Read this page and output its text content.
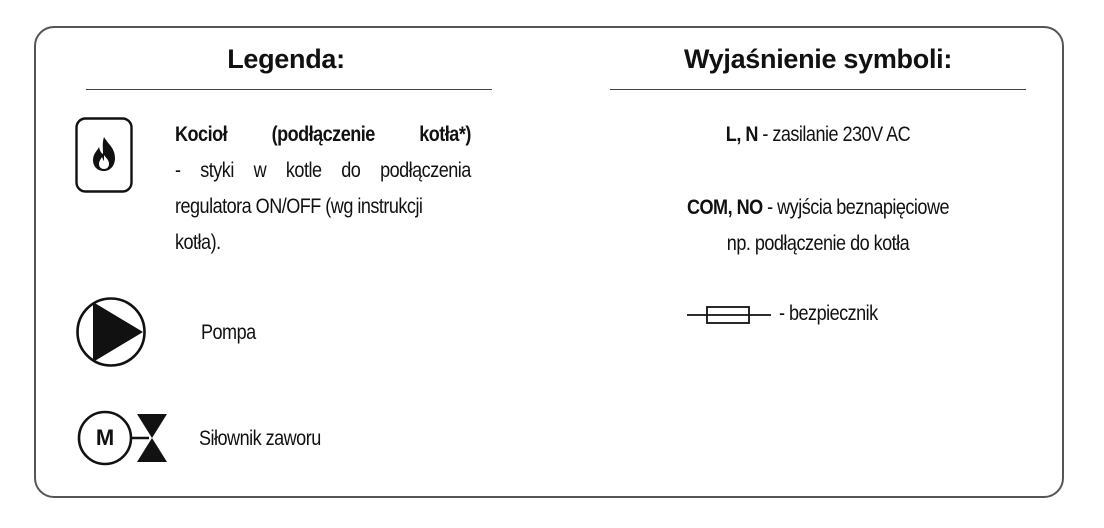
Legenda:
Kocioł (podłączenie kotła*)
- styki w kotle do podłączenia
regulatora ON/OFF (wg instrukcji
kotła).
Pompa
M	Siłownik zaworu
Wyjaśnienie symboli:
L, N - zasilanie 230V AC
COM, NO - wyjścia beznapięciowe
np. podłączenie do kotła
- bezpiecznik
